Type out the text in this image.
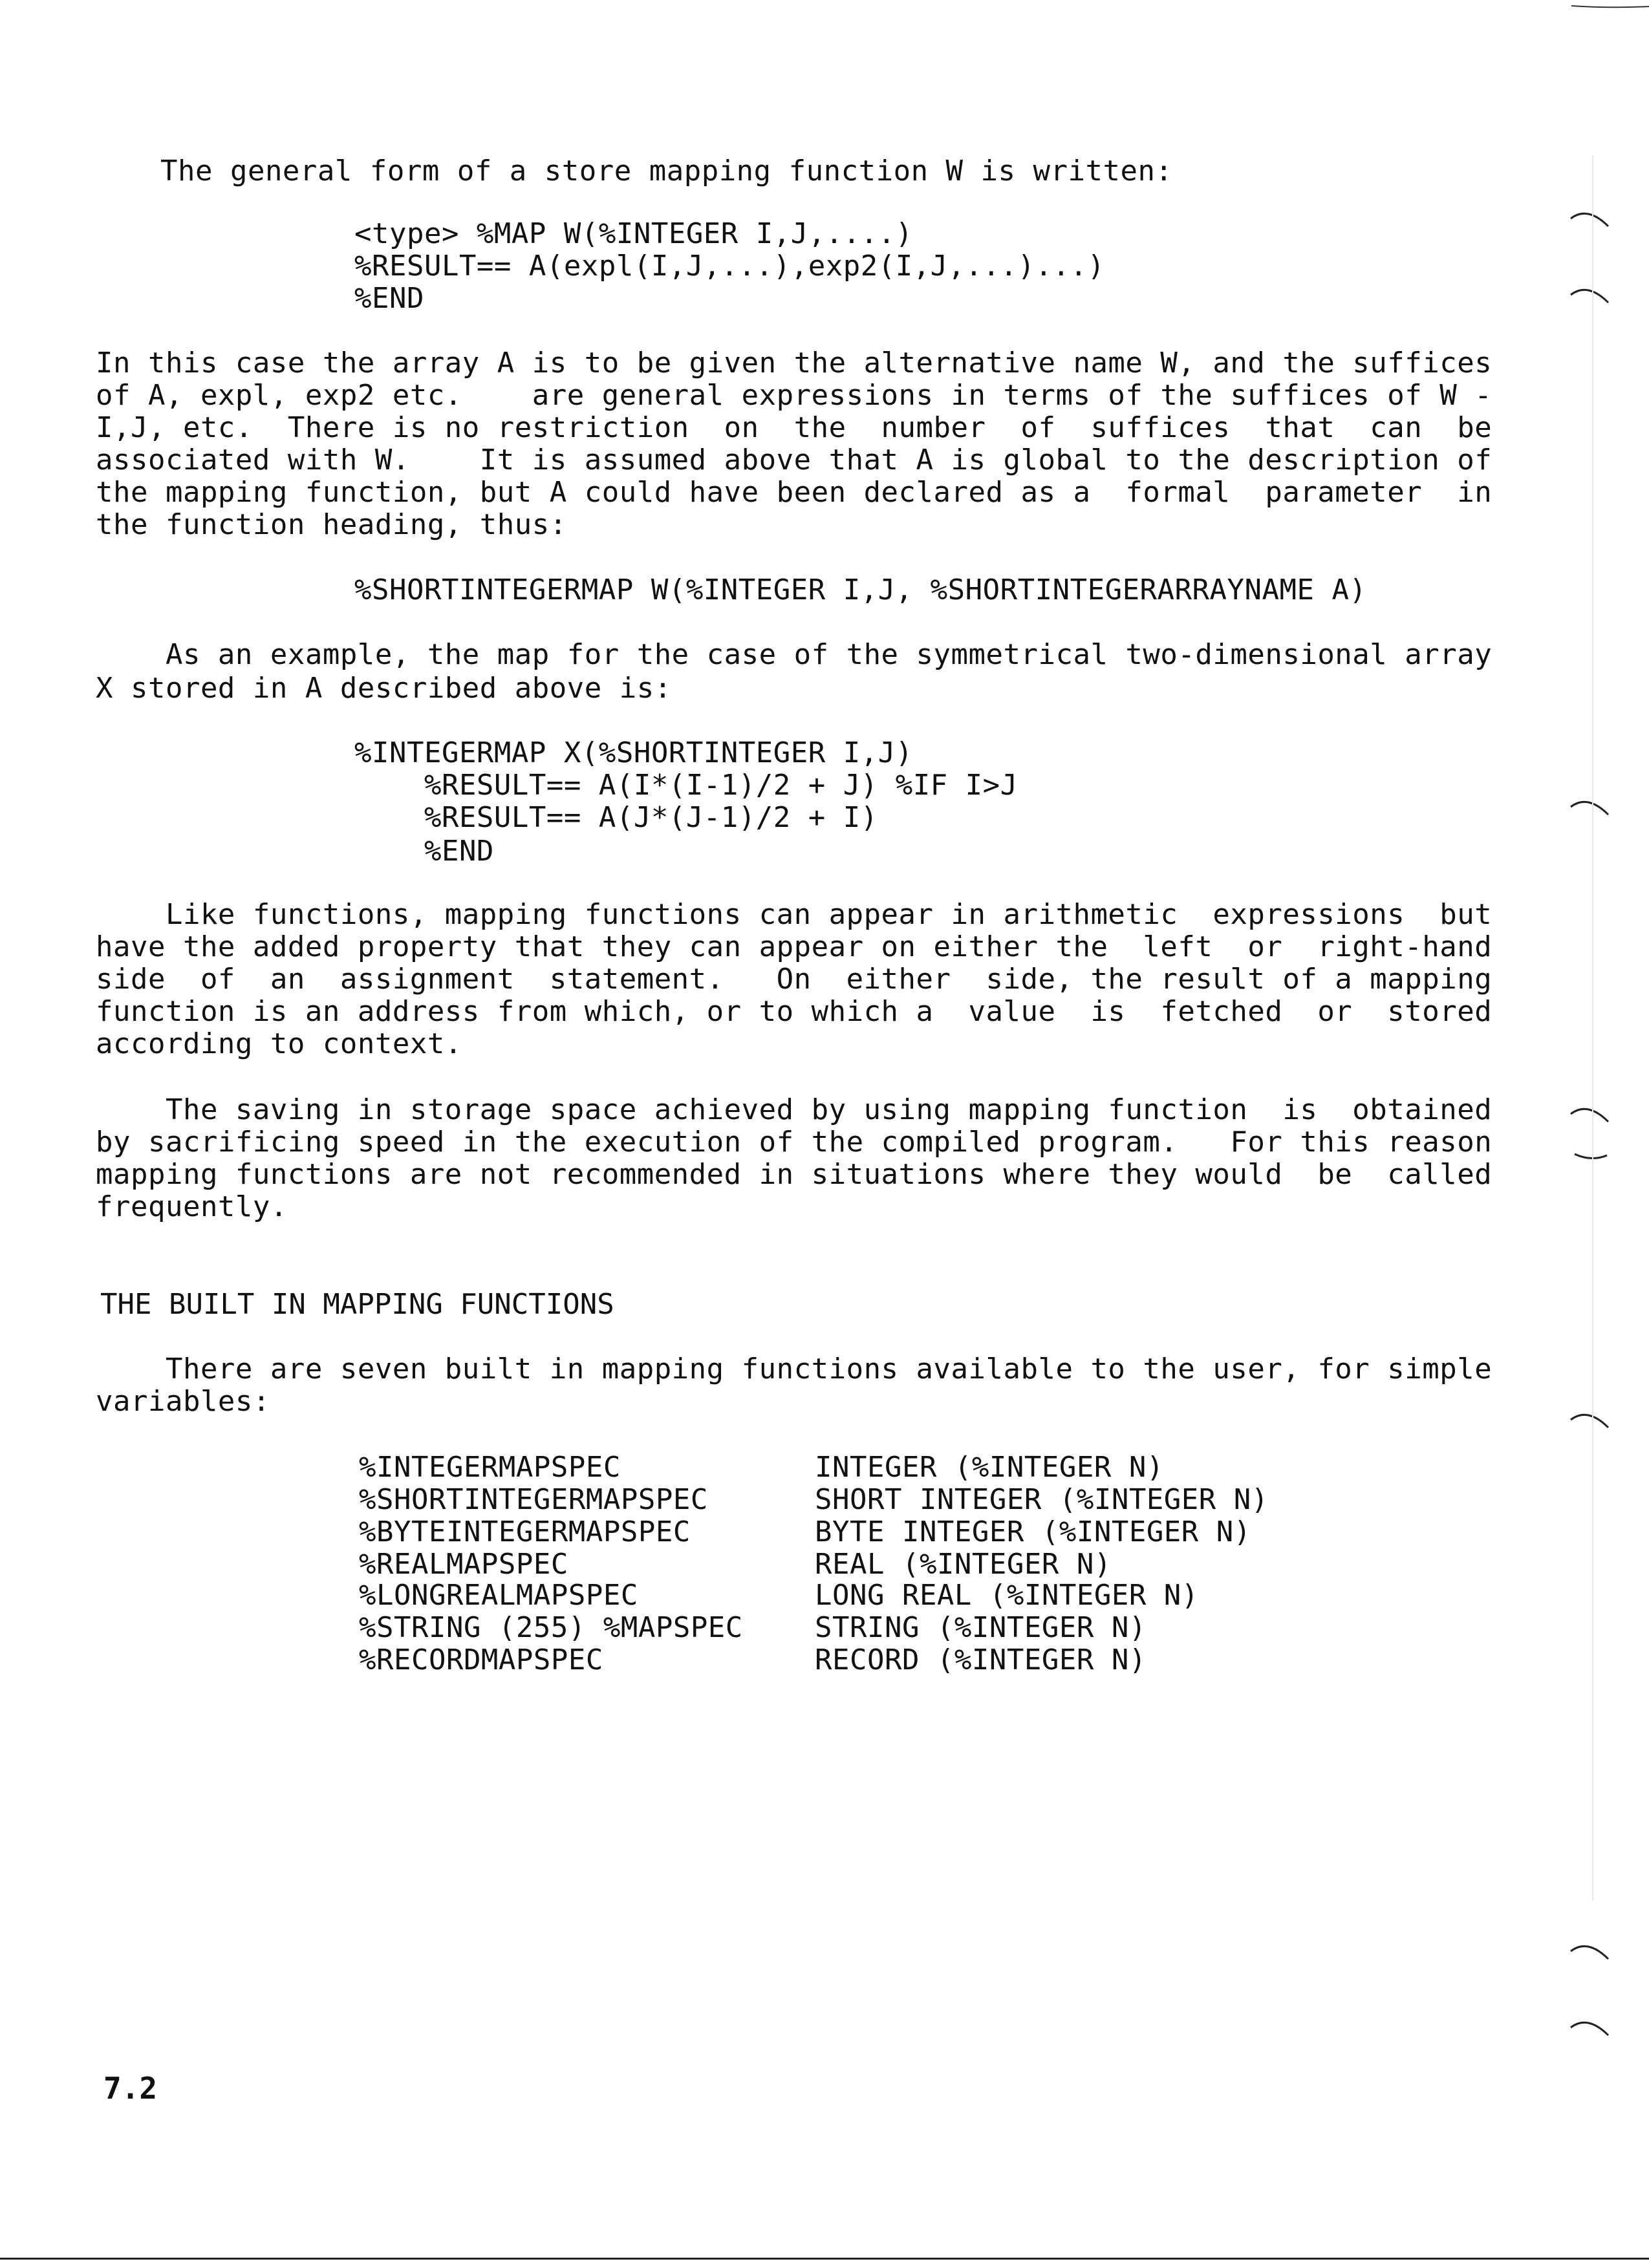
The general form of a store mapping function W is written:
<type> %MAP W(%INTEGER I,J,....)
%RESULT== A(expl(I,J,...),exp2(I,J,...)...)
%END
In this case the array A is to be given the alternative name W, and the suffices
of A, expl, exp2 etc.    are general expressions in terms of the suffices of W -
I,J, etc.  There is no restriction  on  the  number  of  suffices  that  can  be
associated with W.    It is assumed above that A is global to the description of
the mapping function, but A could have been declared as a  formal  parameter  in
the function heading, thus:
%SHORTINTEGERMAP W(%INTEGER I,J, %SHORTINTEGERARRAYNAME A)
As an example, the map for the case of the symmetrical two-dimensional array
X stored in A described above is:
%INTEGERMAP X(%SHORTINTEGER I,J)
%RESULT== A(I*(I-1)/2 + J) %IF I>J
%RESULT== A(J*(J-1)/2 + I)
%END
Like functions, mapping functions can appear in arithmetic  expressions  but
have the added property that they can appear on either the  left  or  right-hand
side  of  an  assignment  statement.   On  either  side, the result of a mapping
function is an address from which, or to which a  value  is  fetched  or  stored
according to context.
The saving in storage space achieved by using mapping function  is  obtained
by sacrificing speed in the execution of the compiled program.   For this reason
mapping functions are not recommended in situations where they would  be  called
frequently.
THE BUILT IN MAPPING FUNCTIONS
There are seven built in mapping functions available to the user, for simple
variables:
%INTEGERMAPSPEC	INTEGER (%INTEGER N)
%SHORTINTEGERMAPSPEC	SHORT INTEGER (%INTEGER N)
%BYTEINTEGERMAPSPEC	BYTE INTEGER (%INTEGER N)
%REALMAPSPEC	REAL (%INTEGER N)
%LONGREALMAPSPEC	LONG REAL (%INTEGER N)
%STRING (255) %MAPSPEC	STRING (%INTEGER N)
%RECORDMAPSPEC	RECORD (%INTEGER N)
7.2
